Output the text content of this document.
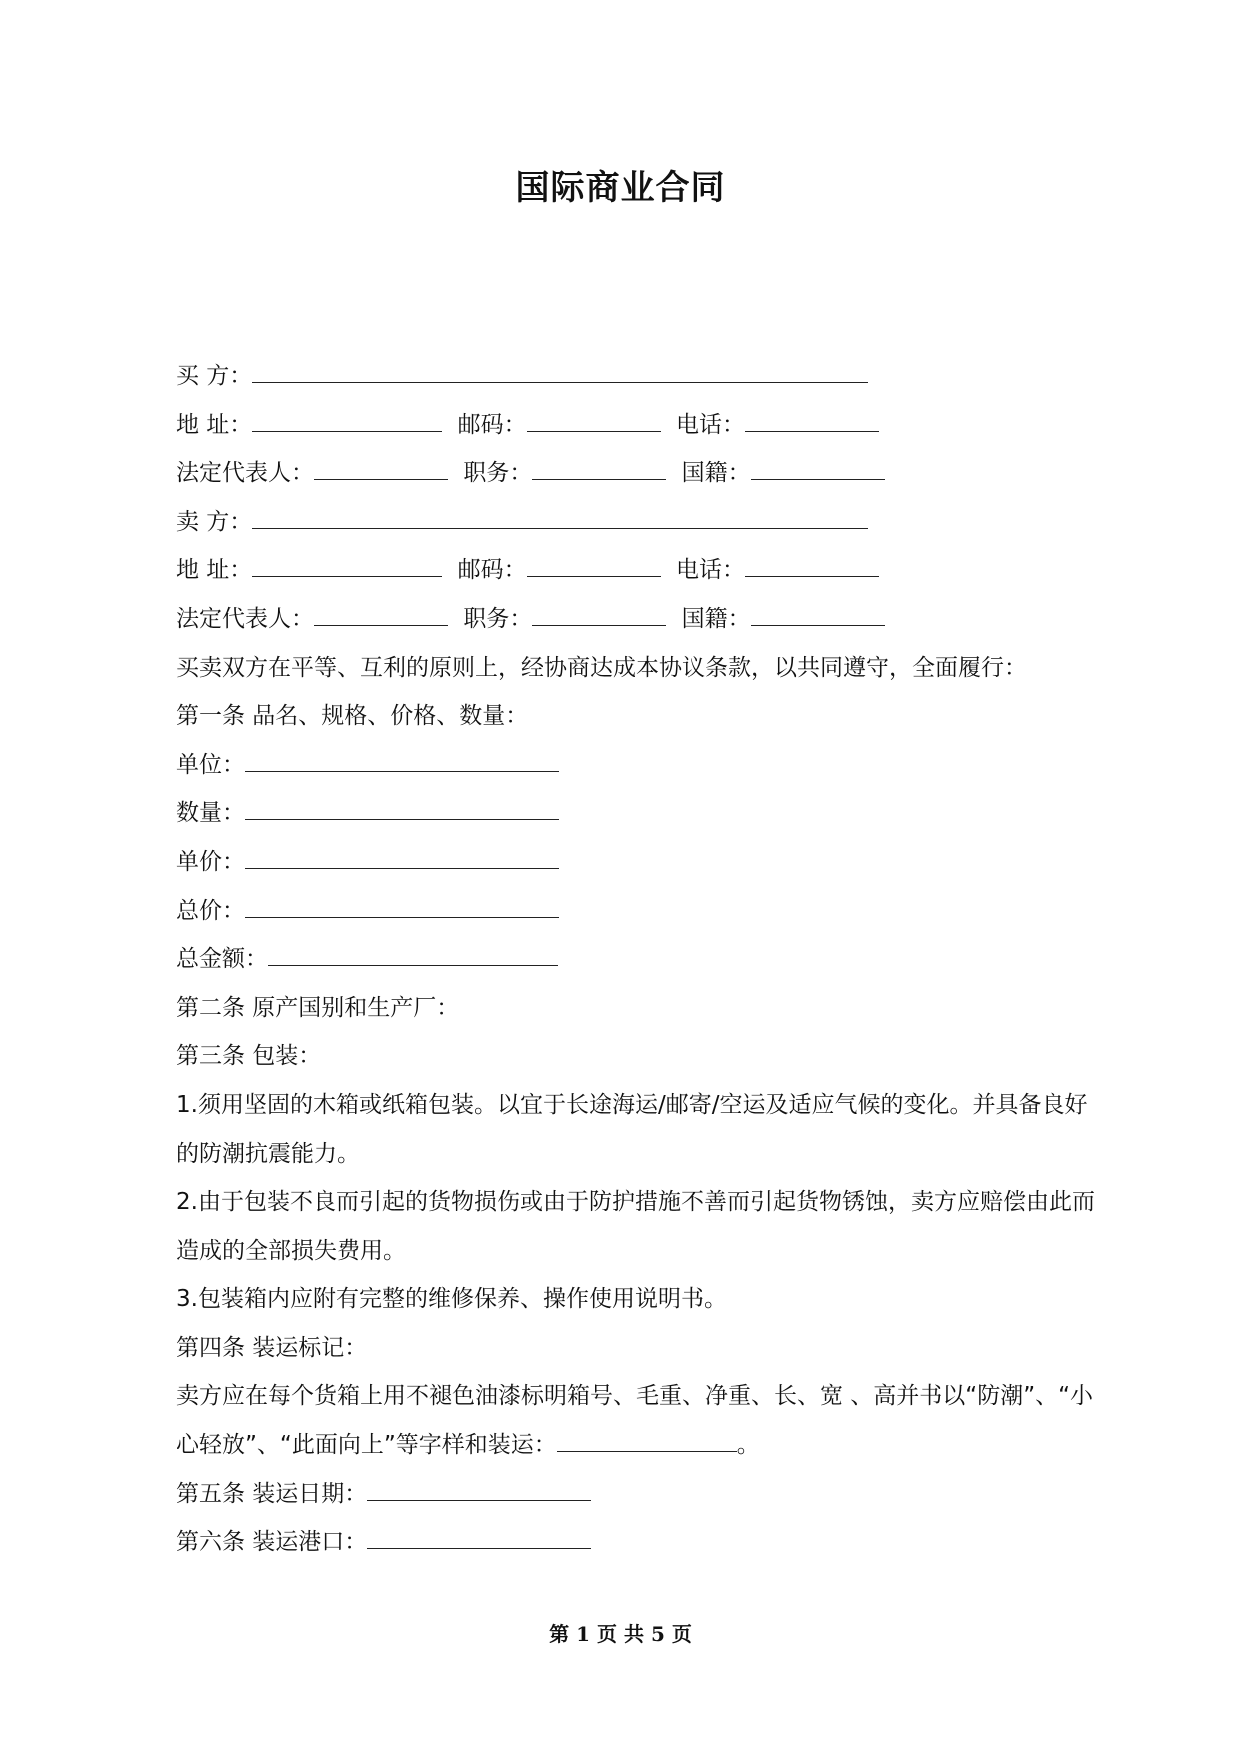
国际商业合同
买 方：
地 址：	邮码：	电话：
法定代表人：	职务：	国籍：
卖 方：
地 址：	邮码：	电话：
法定代表人：	职务：	国籍：
买卖双方在平等、互利的原则上，经协商达成本协议条款，以共同遵守，全面履行：
第一条 品名、规格、价格、数量：
单位：
数量：
单价：
总价：
总金额：
第二条 原产国别和生产厂：
第三条 包装：
1.须用坚固的木箱或纸箱包装。以宜于长途海运/邮寄/空运及适应气候的变化。并具备良好的防潮抗震能力。
2.由于包装不良而引起的货物损伤或由于防护措施不善而引起货物锈蚀，卖方应赔偿由此而造成的全部损失费用。
3.包装箱内应附有完整的维修保养、操作使用说明书。
第四条 装运标记：
卖方应在每个货箱上用不褪色油漆标明箱号、毛重、净重、长、宽 、高并书以“防潮”、“小心轻放”、“此面向上”等字样和装运：	。
第五条 装运日期：
第六条 装运港口：
第 1 页 共 5 页
